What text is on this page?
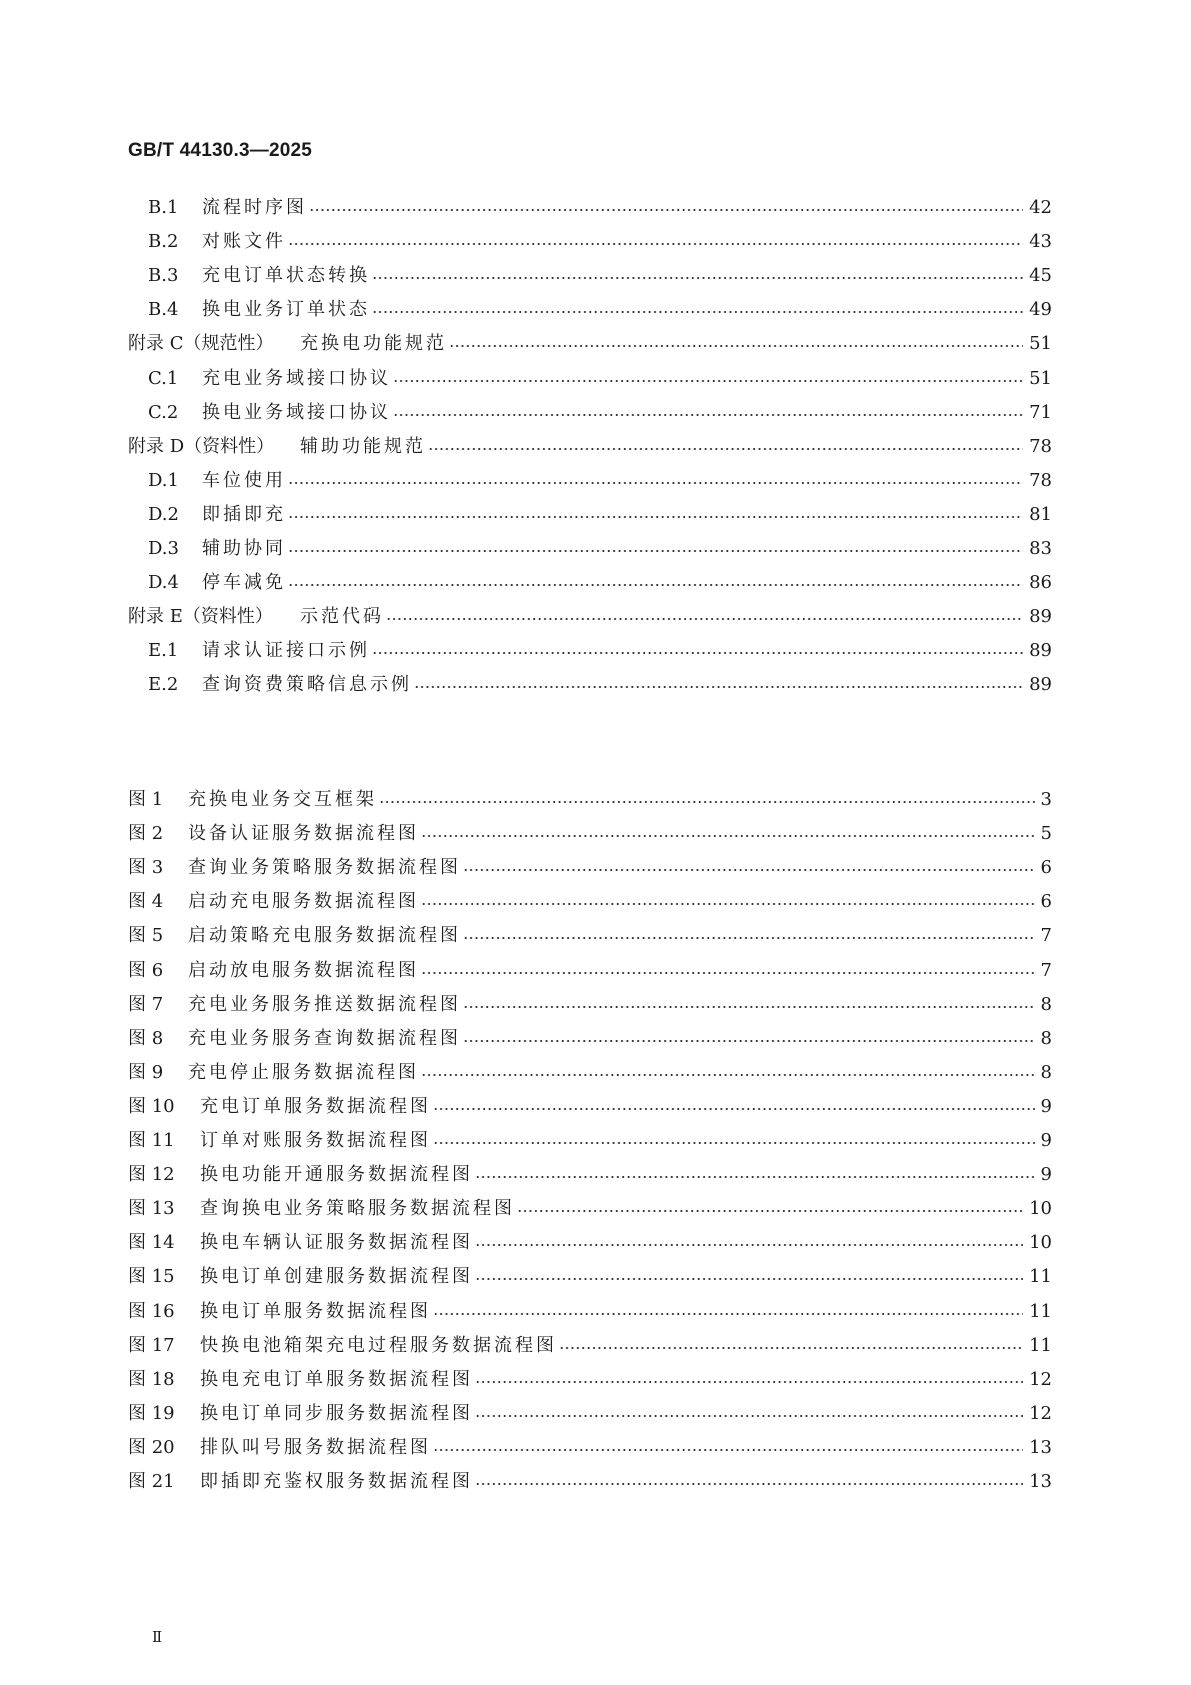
GB/T 44130.3—2025
B.1	流程时序图	42
B.2	对账文件	43
B.3	充电订单状态转换	45
B.4	换电业务订单状态	49
附录 C（规范性）	充换电功能规范	51
C.1	充电业务域接口协议	51
C.2	换电业务域接口协议	71
附录 D（资料性）	辅助功能规范	78
D.1	车位使用	78
D.2	即插即充	81
D.3	辅助协同	83
D.4	停车减免	86
附录 E（资料性）	示范代码	89
E.1	请求认证接口示例	89
E.2	查询资费策略信息示例	89
图 1	充换电业务交互框架	3
图 2	设备认证服务数据流程图	5
图 3	查询业务策略服务数据流程图	6
图 4	启动充电服务数据流程图	6
图 5	启动策略充电服务数据流程图	7
图 6	启动放电服务数据流程图	7
图 7	充电业务服务推送数据流程图	8
图 8	充电业务服务查询数据流程图	8
图 9	充电停止服务数据流程图	8
图 10	充电订单服务数据流程图	9
图 11	订单对账服务数据流程图	9
图 12	换电功能开通服务数据流程图	9
图 13	查询换电业务策略服务数据流程图	10
图 14	换电车辆认证服务数据流程图	10
图 15	换电订单创建服务数据流程图	11
图 16	换电订单服务数据流程图	11
图 17	快换电池箱架充电过程服务数据流程图	11
图 18	换电充电订单服务数据流程图	12
图 19	换电订单同步服务数据流程图	12
图 20	排队叫号服务数据流程图	13
图 21	即插即充鉴权服务数据流程图	13
Ⅱ
